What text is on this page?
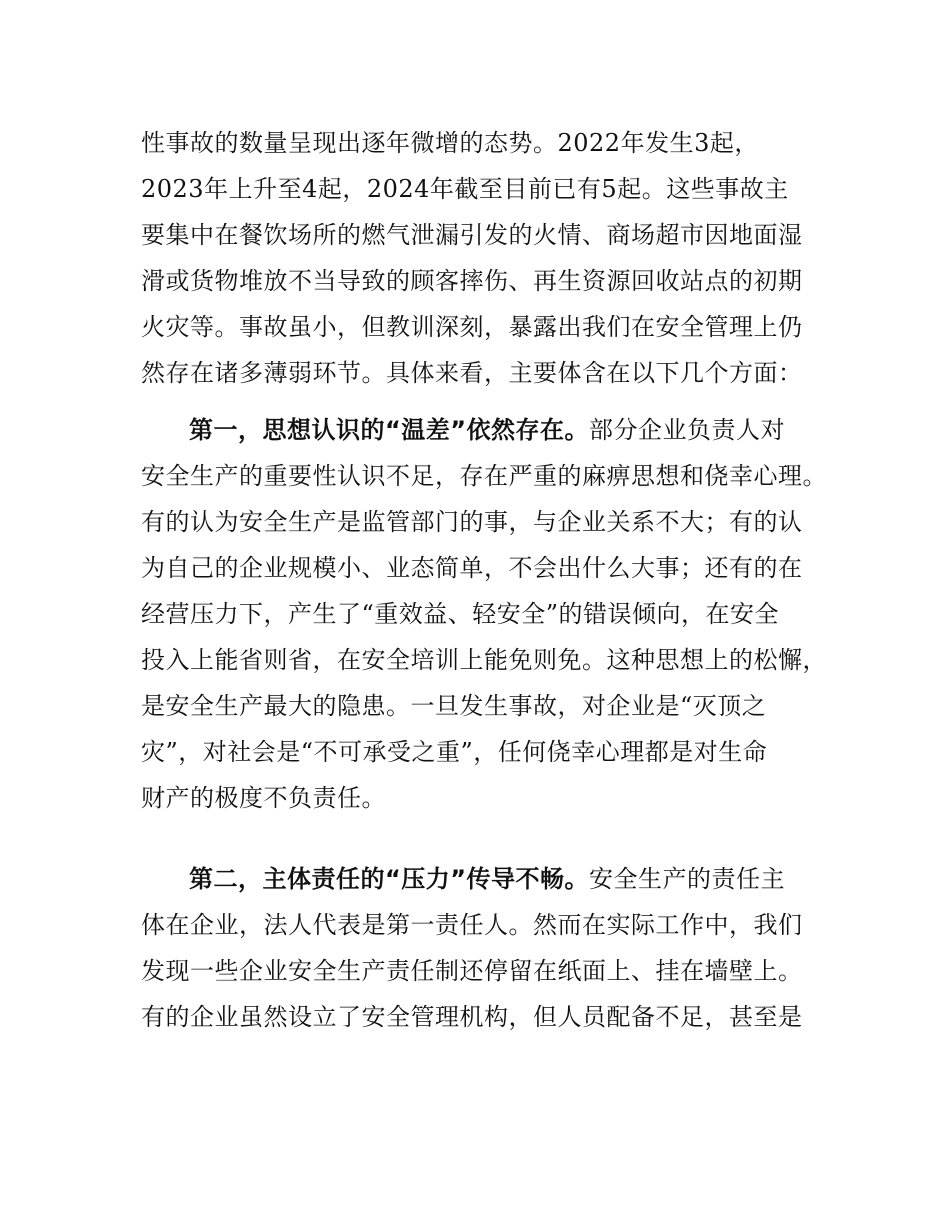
性事故的数量呈现出逐年微增的态势。2022年发生3起，
2023年上升至4起，2024年截至目前已有5起。这些事故主
要集中在餐饮场所的燃气泄漏引发的火情、商场超市因地面湿
滑或货物堆放不当导致的顾客摔伤、再生资源回收站点的初期
火灾等。事故虽小，但教训深刻，暴露出我们在安全管理上仍
然存在诸多薄弱环节。具体来看，主要体含在以下几个方面：
第一，思想认识的“温差”依然存在。部分企业负责人对
安全生产的重要性认识不足，存在严重的麻痹思想和侥幸心理。
有的认为安全生产是监管部门的事，与企业关系不大；有的认
为自己的企业规模小、业态简单，不会出什么大事；还有的在
经营压力下，产生了“重效益、轻安全”的错误倾向，在安全
投入上能省则省，在安全培训上能免则免。这种思想上的松懈，
是安全生产最大的隐患。一旦发生事故，对企业是“灭顶之
灾”，对社会是“不可承受之重”，任何侥幸心理都是对生命
财产的极度不负责任。
第二，主体责任的“压力”传导不畅。安全生产的责任主
体在企业，法人代表是第一责任人。然而在实际工作中，我们
发现一些企业安全生产责任制还停留在纸面上、挂在墙壁上。
有的企业虽然设立了安全管理机构，但人员配备不足，甚至是
